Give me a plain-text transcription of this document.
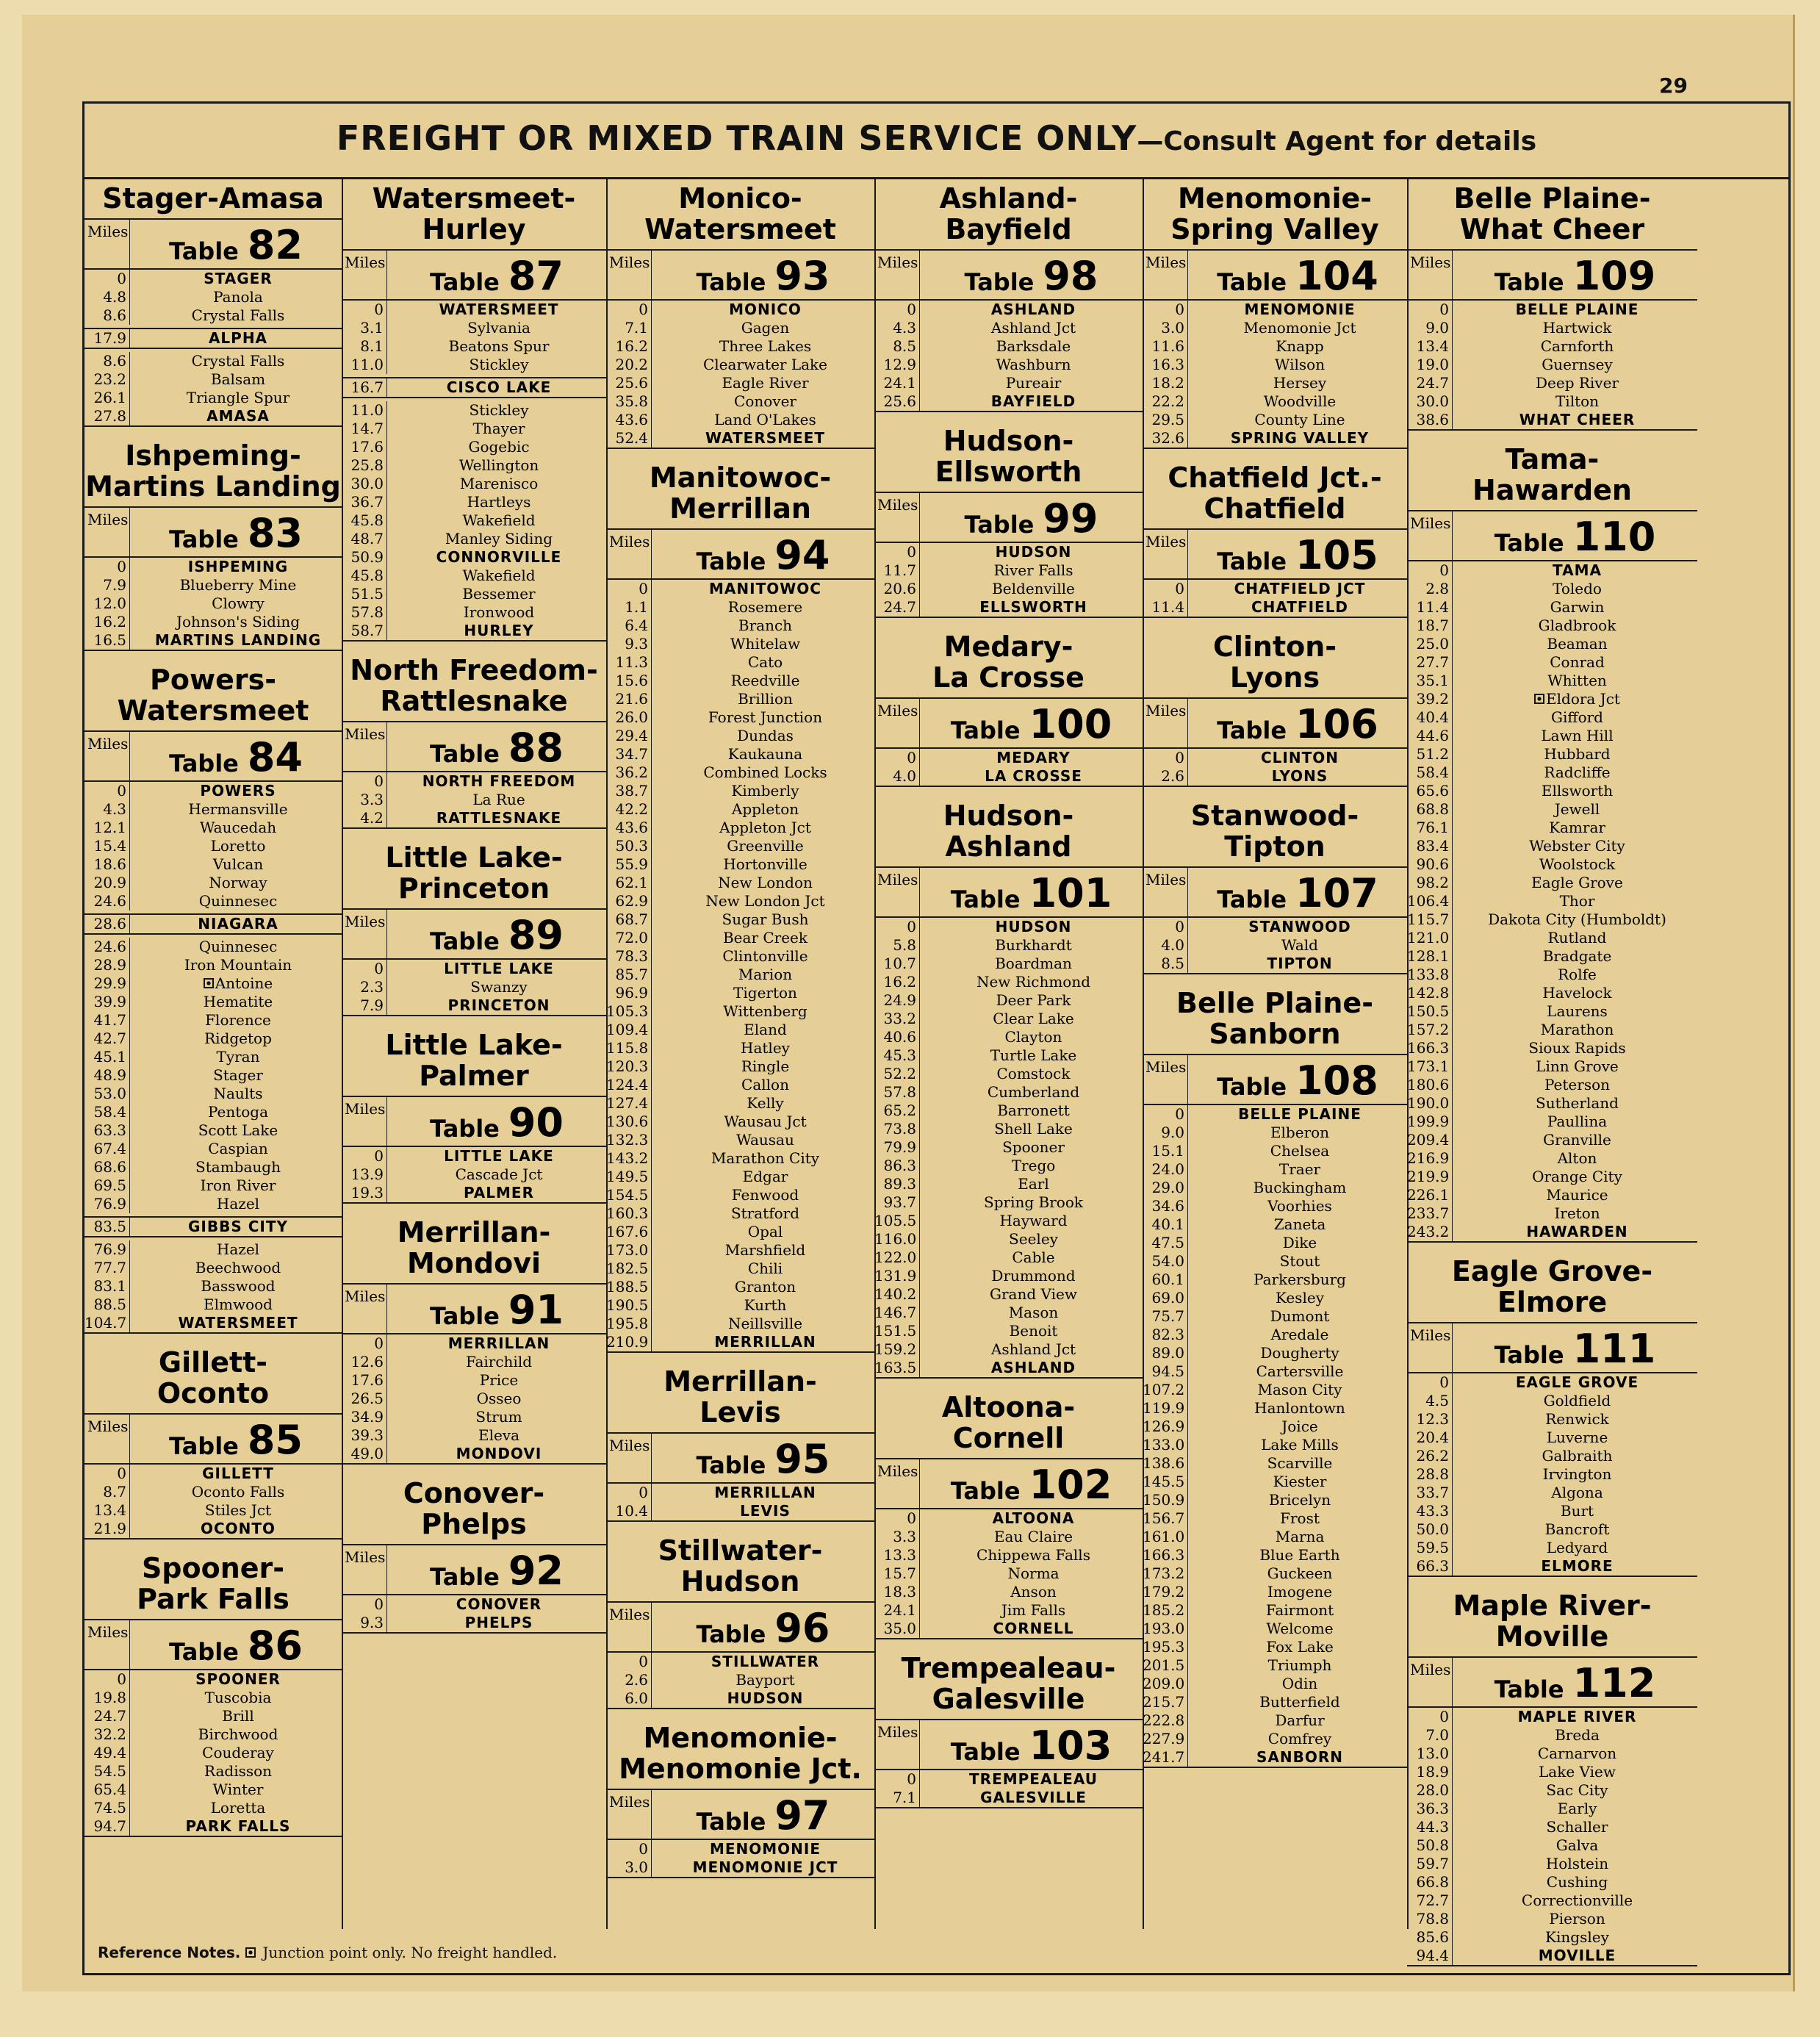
29
FREIGHT OR MIXED TRAIN SERVICE ONLY—Consult Agent for details
Stager-Amasa
Miles
Table 82
0	STAGER
4.8	Panola
8.6	Crystal Falls
17.9	ALPHA
8.6	Crystal Falls
23.2	Balsam
26.1	Triangle Spur
27.8	AMASA
Ishpeming-
Martins Landing
Miles
Table 83
0	ISHPEMING
7.9	Blueberry Mine
12.0	Clowry
16.2	Johnson's Siding
16.5	MARTINS LANDING
Powers-
Watersmeet
Miles
Table 84
0	POWERS
4.3	Hermansville
12.1	Waucedah
15.4	Loretto
18.6	Vulcan
20.9	Norway
24.6	Quinnesec
28.6	NIAGARA
24.6	Quinnesec
28.9	Iron Mountain
29.9	Antoine
39.9	Hematite
41.7	Florence
42.7	Ridgetop
45.1	Tyran
48.9	Stager
53.0	Naults
58.4	Pentoga
63.3	Scott Lake
67.4	Caspian
68.6	Stambaugh
69.5	Iron River
76.9	Hazel
83.5	GIBBS CITY
76.9	Hazel
77.7	Beechwood
83.1	Basswood
88.5	Elmwood
104.7	WATERSMEET
Gillett-
Oconto
Miles
Table 85
0	GILLETT
8.7	Oconto Falls
13.4	Stiles Jct
21.9	OCONTO
Spooner-
Park Falls
Miles
Table 86
0	SPOONER
19.8	Tuscobia
24.7	Brill
32.2	Birchwood
49.4	Couderay
54.5	Radisson
65.4	Winter
74.5	Loretta
94.7	PARK FALLS
Watersmeet-
Hurley
Miles
Table 87
0	WATERSMEET
3.1	Sylvania
8.1	Beatons Spur
11.0	Stickley
16.7	CISCO LAKE
11.0	Stickley
14.7	Thayer
17.6	Gogebic
25.8	Wellington
30.0	Marenisco
36.7	Hartleys
45.8	Wakefield
48.7	Manley Siding
50.9	CONNORVILLE
45.8	Wakefield
51.5	Bessemer
57.8	Ironwood
58.7	HURLEY
North Freedom-
Rattlesnake
Miles
Table 88
0	NORTH FREEDOM
3.3	La Rue
4.2	RATTLESNAKE
Little Lake-
Princeton
Miles
Table 89
0	LITTLE LAKE
2.3	Swanzy
7.9	PRINCETON
Little Lake-
Palmer
Miles
Table 90
0	LITTLE LAKE
13.9	Cascade Jct
19.3	PALMER
Merrillan-
Mondovi
Miles
Table 91
0	MERRILLAN
12.6	Fairchild
17.6	Price
26.5	Osseo
34.9	Strum
39.3	Eleva
49.0	MONDOVI
Conover-
Phelps
Miles
Table 92
0	CONOVER
9.3	PHELPS
Monico-
Watersmeet
Miles
Table 93
0	MONICO
7.1	Gagen
16.2	Three Lakes
20.2	Clearwater Lake
25.6	Eagle River
35.8	Conover
43.6	Land O'Lakes
52.4	WATERSMEET
Manitowoc-
Merrillan
Miles
Table 94
0	MANITOWOC
1.1	Rosemere
6.4	Branch
9.3	Whitelaw
11.3	Cato
15.6	Reedville
21.6	Brillion
26.0	Forest Junction
29.4	Dundas
34.7	Kaukauna
36.2	Combined Locks
38.7	Kimberly
42.2	Appleton
43.6	Appleton Jct
50.3	Greenville
55.9	Hortonville
62.1	New London
62.9	New London Jct
68.7	Sugar Bush
72.0	Bear Creek
78.3	Clintonville
85.7	Marion
96.9	Tigerton
105.3	Wittenberg
109.4	Eland
115.8	Hatley
120.3	Ringle
124.4	Callon
127.4	Kelly
130.6	Wausau Jct
132.3	Wausau
143.2	Marathon City
149.5	Edgar
154.5	Fenwood
160.3	Stratford
167.6	Opal
173.0	Marshfield
182.5	Chili
188.5	Granton
190.5	Kurth
195.8	Neillsville
210.9	MERRILLAN
Merrillan-
Levis
Miles
Table 95
0	MERRILLAN
10.4	LEVIS
Stillwater-
Hudson
Miles
Table 96
0	STILLWATER
2.6	Bayport
6.0	HUDSON
Menomonie-
Menomonie Jct.
Miles
Table 97
0	MENOMONIE
3.0	MENOMONIE JCT
Ashland-
Bayfield
Miles
Table 98
0	ASHLAND
4.3	Ashland Jct
8.5	Barksdale
12.9	Washburn
24.1	Pureair
25.6	BAYFIELD
Hudson-
Ellsworth
Miles
Table 99
0	HUDSON
11.7	River Falls
20.6	Beldenville
24.7	ELLSWORTH
Medary-
La Crosse
Miles
Table 100
0	MEDARY
4.0	LA CROSSE
Hudson-
Ashland
Miles
Table 101
0	HUDSON
5.8	Burkhardt
10.7	Boardman
16.2	New Richmond
24.9	Deer Park
33.2	Clear Lake
40.6	Clayton
45.3	Turtle Lake
52.2	Comstock
57.8	Cumberland
65.2	Barronett
73.8	Shell Lake
79.9	Spooner
86.3	Trego
89.3	Earl
93.7	Spring Brook
105.5	Hayward
116.0	Seeley
122.0	Cable
131.9	Drummond
140.2	Grand View
146.7	Mason
151.5	Benoit
159.2	Ashland Jct
163.5	ASHLAND
Altoona-
Cornell
Miles
Table 102
0	ALTOONA
3.3	Eau Claire
13.3	Chippewa Falls
15.7	Norma
18.3	Anson
24.1	Jim Falls
35.0	CORNELL
Trempealeau-
Galesville
Miles
Table 103
0	TREMPEALEAU
7.1	GALESVILLE
Menomonie-
Spring Valley
Miles
Table 104
0	MENOMONIE
3.0	Menomonie Jct
11.6	Knapp
16.3	Wilson
18.2	Hersey
22.2	Woodville
29.5	County Line
32.6	SPRING VALLEY
Chatfield Jct.-
Chatfield
Miles
Table 105
0	CHATFIELD JCT
11.4	CHATFIELD
Clinton-
Lyons
Miles
Table 106
0	CLINTON
2.6	LYONS
Stanwood-
Tipton
Miles
Table 107
0	STANWOOD
4.0	Wald
8.5	TIPTON
Belle Plaine-
Sanborn
Miles
Table 108
0	BELLE PLAINE
9.0	Elberon
15.1	Chelsea
24.0	Traer
29.0	Buckingham
34.6	Voorhies
40.1	Zaneta
47.5	Dike
54.0	Stout
60.1	Parkersburg
69.0	Kesley
75.7	Dumont
82.3	Aredale
89.0	Dougherty
94.5	Cartersville
107.2	Mason City
119.9	Hanlontown
126.9	Joice
133.0	Lake Mills
138.6	Scarville
145.5	Kiester
150.9	Bricelyn
156.7	Frost
161.0	Marna
166.3	Blue Earth
173.2	Guckeen
179.2	Imogene
185.2	Fairmont
193.0	Welcome
195.3	Fox Lake
201.5	Triumph
209.0	Odin
215.7	Butterfield
222.8	Darfur
227.9	Comfrey
241.7	SANBORN
Belle Plaine-
What Cheer
Miles
Table 109
0	BELLE PLAINE
9.0	Hartwick
13.4	Carnforth
19.0	Guernsey
24.7	Deep River
30.0	Tilton
38.6	WHAT CHEER
Tama-
Hawarden
Miles
Table 110
0	TAMA
2.8	Toledo
11.4	Garwin
18.7	Gladbrook
25.0	Beaman
27.7	Conrad
35.1	Whitten
39.2	Eldora Jct
40.4	Gifford
44.6	Lawn Hill
51.2	Hubbard
58.4	Radcliffe
65.6	Ellsworth
68.8	Jewell
76.1	Kamrar
83.4	Webster City
90.6	Woolstock
98.2	Eagle Grove
106.4	Thor
115.7	Dakota City (Humboldt)
121.0	Rutland
128.1	Bradgate
133.8	Rolfe
142.8	Havelock
150.5	Laurens
157.2	Marathon
166.3	Sioux Rapids
173.1	Linn Grove
180.6	Peterson
190.0	Sutherland
199.9	Paullina
209.4	Granville
216.9	Alton
219.9	Orange City
226.1	Maurice
233.7	Ireton
243.2	HAWARDEN
Eagle Grove-
Elmore
Miles
Table 111
0	EAGLE GROVE
4.5	Goldfield
12.3	Renwick
20.4	Luverne
26.2	Galbraith
28.8	Irvington
33.7	Algona
43.3	Burt
50.0	Bancroft
59.5	Ledyard
66.3	ELMORE
Maple River-
Moville
Miles
Table 112
0	MAPLE RIVER
7.0	Breda
13.0	Carnarvon
18.9	Lake View
28.0	Sac City
36.3	Early
44.3	Schaller
50.8	Galva
59.7	Holstein
66.8	Cushing
72.7	Correctionville
78.8	Pierson
85.6	Kingsley
94.4	MOVILLE
Reference Notes. Junction point only. No freight handled.
